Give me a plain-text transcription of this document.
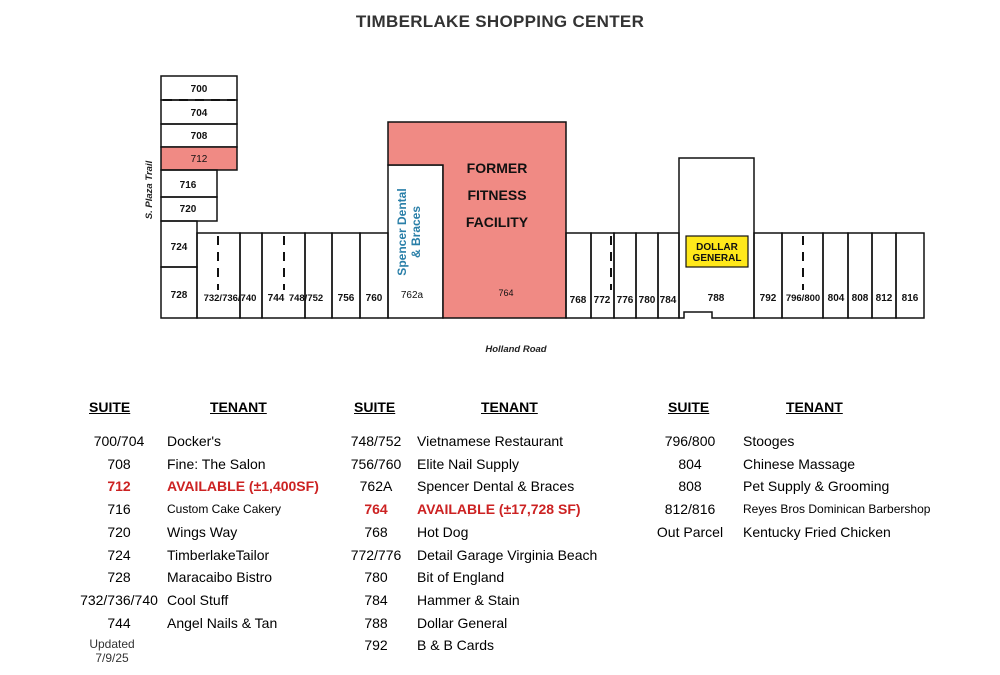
TIMBERLAKE SHOPPING CENTER
700
704
708
712
716
720
724
728 732/736/740 744 748/752 756 760 762a	764
768 772 776 780 784	788	792 796/800 804 808 812 816
FORMER
FITNESS
FACILITY
Spencer Dental & Braces	DOLLAR
GENERAL
S. Plaza Trail
Holland Road
SUITE	TENANT	SUITE	TENANT	SUITE	TENANT
700/704	Docker's
708	Fine: The Salon
712	AVAILABLE (±1,400SF)
716	Custom Cake Cakery
720	Wings Way
724	TimberlakeTailor
728	Maracaibo Bistro
732/736/740 Cool Stuff
744	Angel Nails & Tan
748/752	Vietnamese Restaurant
756/760	Elite Nail Supply
762A	Spencer Dental & Braces
764	AVAILABLE (±17,728 SF)
768	Hot Dog
772/776	Detail Garage Virginia Beach
780	Bit of England
784	Hammer & Stain
788	Dollar General
792	B & B Cards
796/800	Stooges
804	Chinese Massage
808	Pet Supply & Grooming
812/816	Reyes Bros Dominican Barbershop
Out Parcel	Kentucky Fried Chicken
Updated
7/9/25
